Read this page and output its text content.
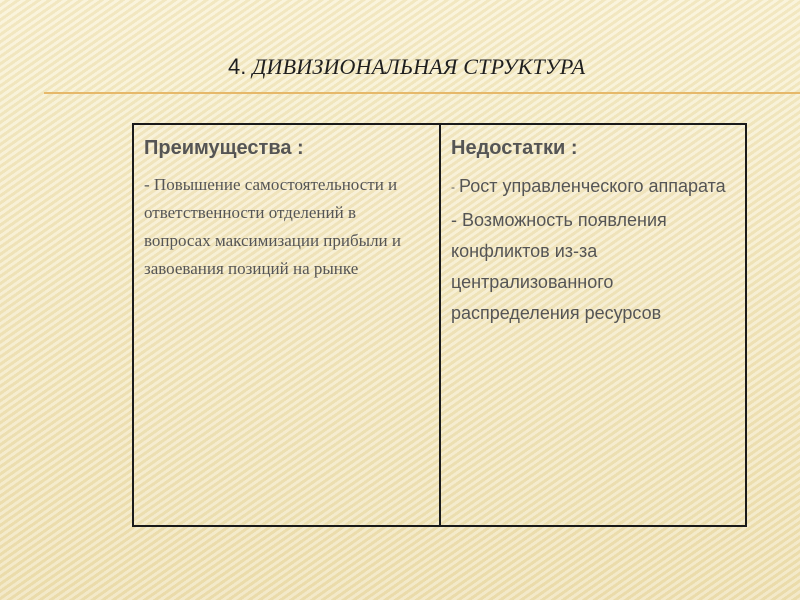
4. ДИВИЗИОНАЛЬНАЯ СТРУКТУРА
Преимущества :
- Повышение самостоятельности и ответственности отделений в вопросах максимизации прибыли и завоевания позиций на рынке
Недостатки :
- Рост управленческого аппарата
- Возможность появления конфликтов из-за централизованного распределения ресурсов
